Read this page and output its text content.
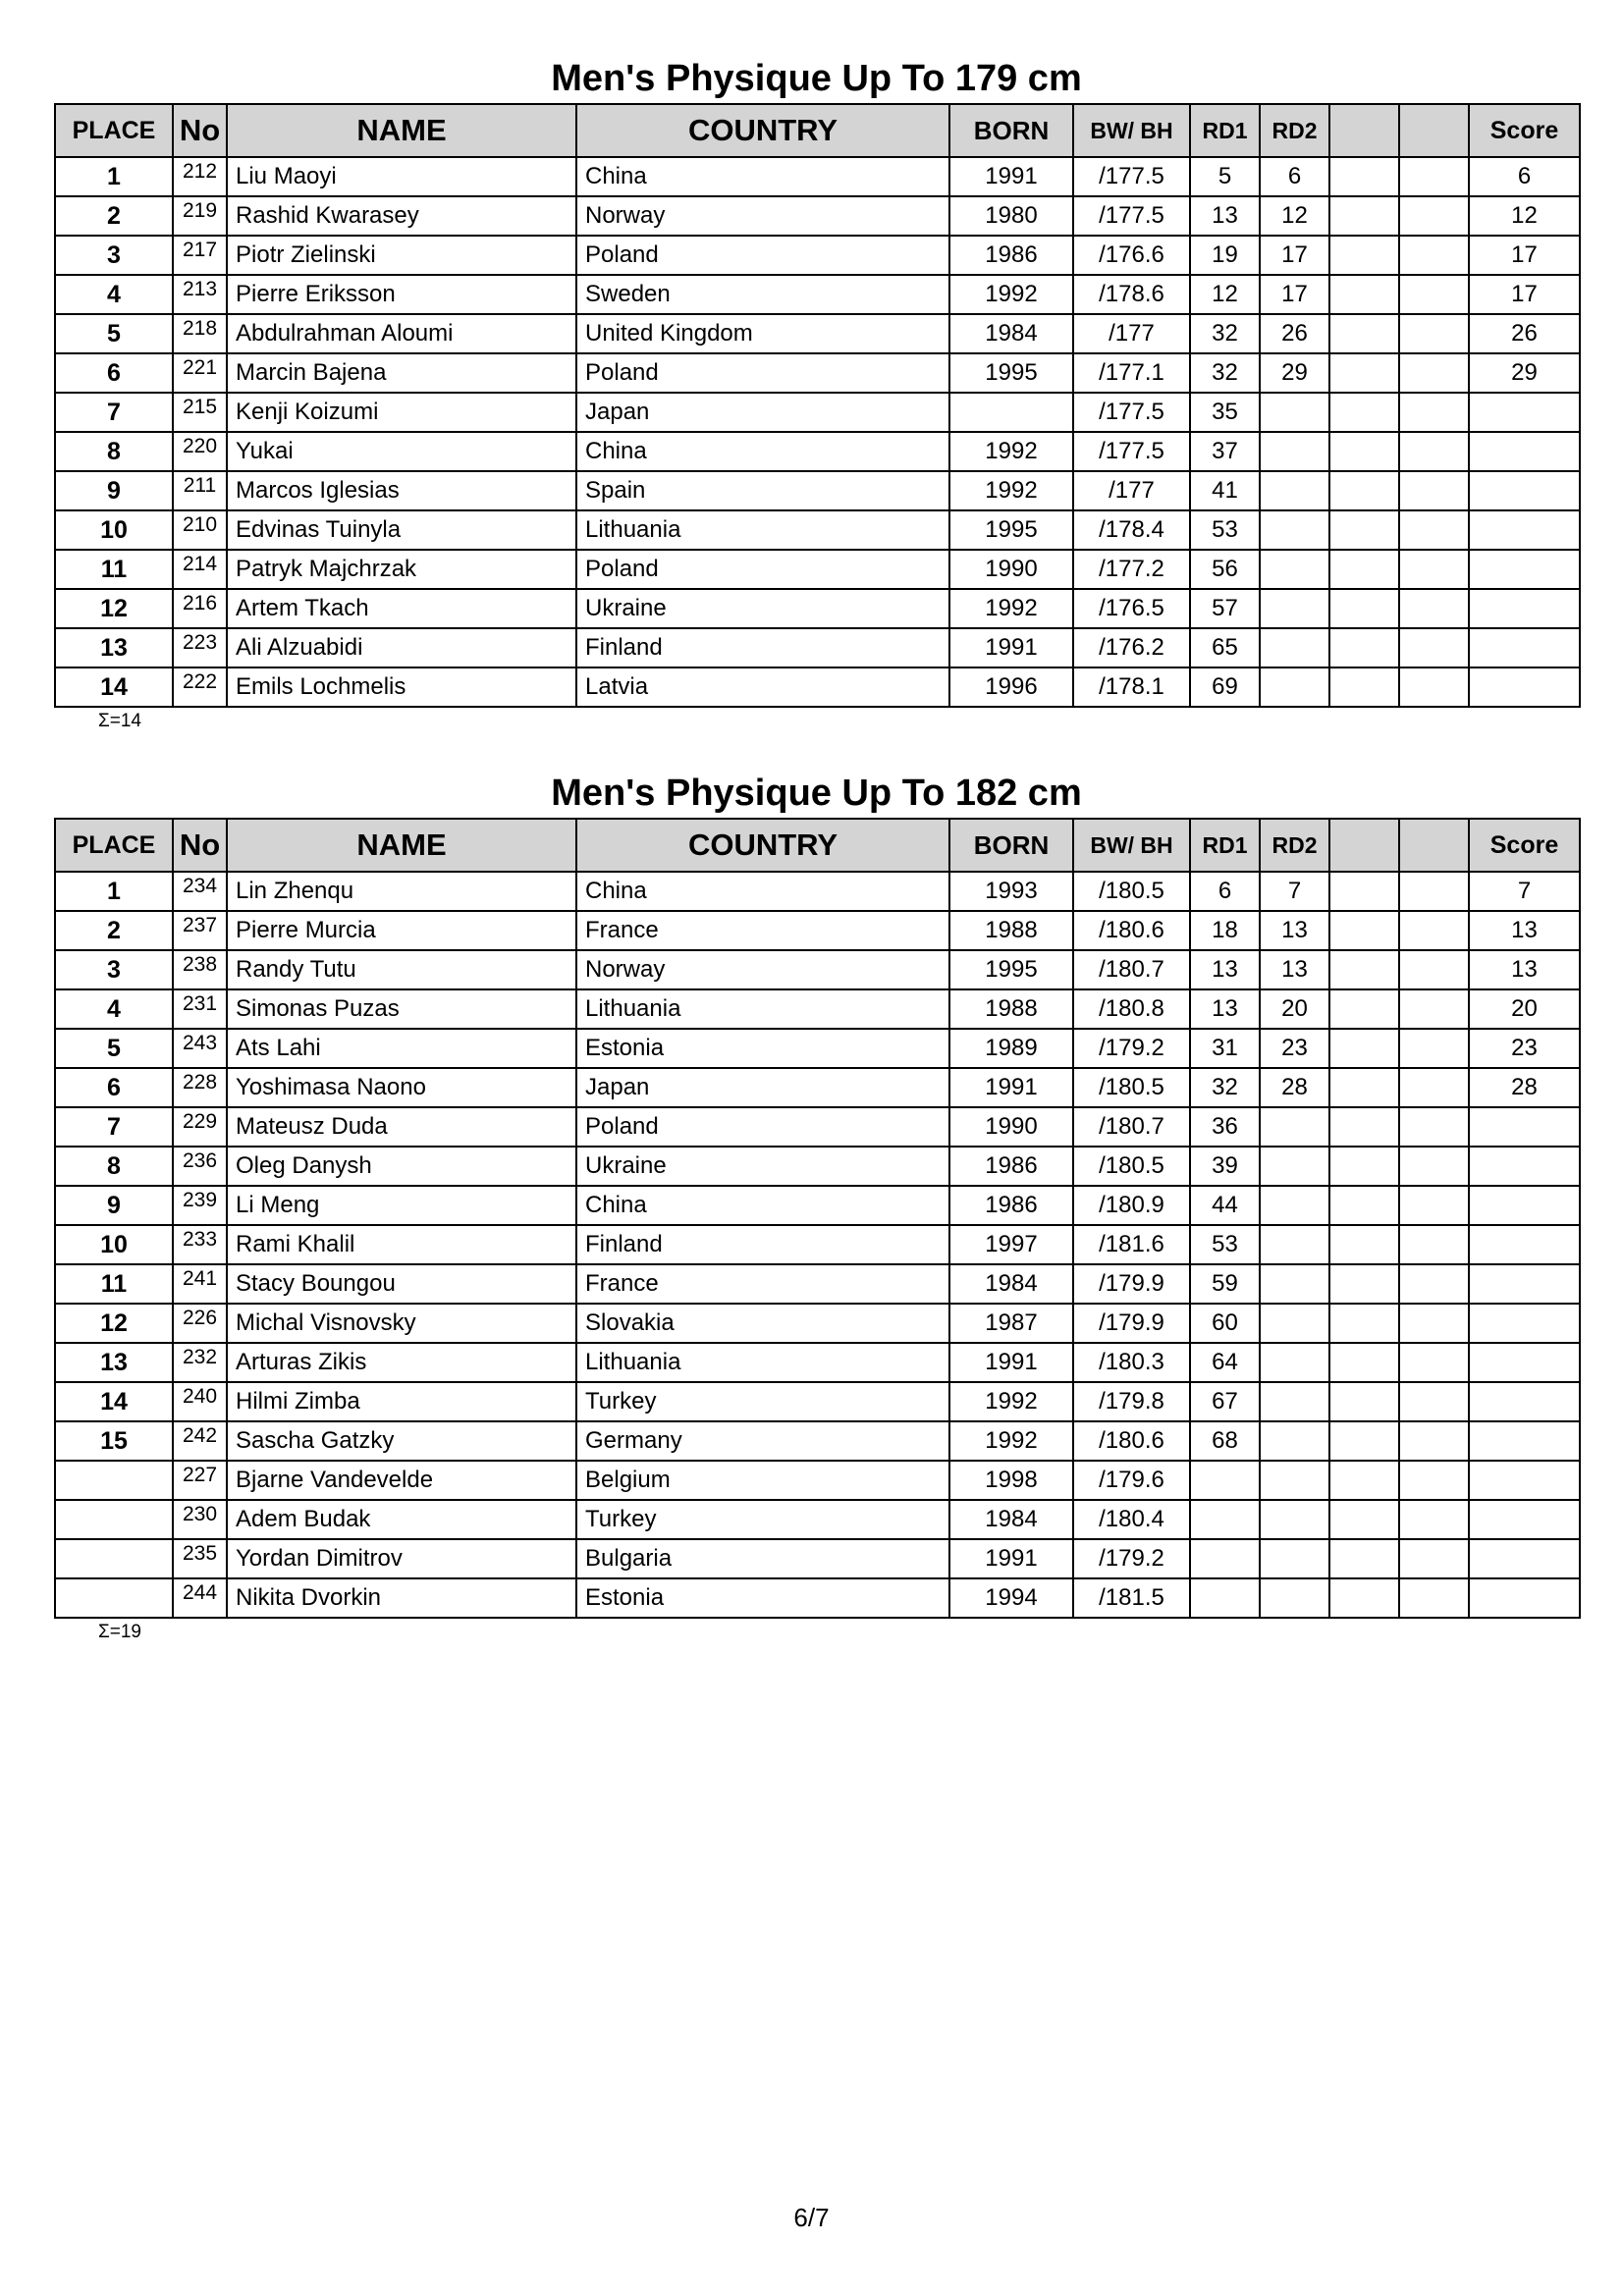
Men's Physique Up To 179 cm
PLACE	No	NAME	COUNTRY	BORN	BW/ BH	RD1	RD2			Score
1	212	Liu Maoyi	China	1991	/177.5	5	6			6
2	219	Rashid Kwarasey	Norway	1980	/177.5	13	12			12
3	217	Piotr Zielinski	Poland	1986	/176.6	19	17			17
4	213	Pierre Eriksson	Sweden	1992	/178.6	12	17			17
5	218	Abdulrahman Aloumi	United Kingdom	1984	/177	32	26			26
6	221	Marcin Bajena	Poland	1995	/177.1	32	29			29
7	215	Kenji Koizumi	Japan		/177.5	35				
8	220	Yukai	China	1992	/177.5	37				
9	211	Marcos Iglesias	Spain	1992	/177	41				
10	210	Edvinas Tuinyla	Lithuania	1995	/178.4	53				
11	214	Patryk Majchrzak	Poland	1990	/177.2	56				
12	216	Artem Tkach	Ukraine	1992	/176.5	57				
13	223	Ali Alzuabidi	Finland	1991	/176.2	65				
14	222	Emils Lochmelis	Latvia	1996	/178.1	69				
Σ=14
Men's Physique Up To 182 cm
PLACE	No	NAME	COUNTRY	BORN	BW/ BH	RD1	RD2			Score
1	234	Lin Zhenqu	China	1993	/180.5	6	7			7
2	237	Pierre Murcia	France	1988	/180.6	18	13			13
3	238	Randy Tutu	Norway	1995	/180.7	13	13			13
4	231	Simonas Puzas	Lithuania	1988	/180.8	13	20			20
5	243	Ats Lahi	Estonia	1989	/179.2	31	23			23
6	228	Yoshimasa Naono	Japan	1991	/180.5	32	28			28
7	229	Mateusz Duda	Poland	1990	/180.7	36				
8	236	Oleg Danysh	Ukraine	1986	/180.5	39				
9	239	Li Meng	China	1986	/180.9	44				
10	233	Rami Khalil	Finland	1997	/181.6	53				
11	241	Stacy Boungou	France	1984	/179.9	59				
12	226	Michal Visnovsky	Slovakia	1987	/179.9	60				
13	232	Arturas Zikis	Lithuania	1991	/180.3	64				
14	240	Hilmi Zimba	Turkey	1992	/179.8	67				
15	242	Sascha Gatzky	Germany	1992	/180.6	68				
	227	Bjarne Vandevelde	Belgium	1998	/179.6					
	230	Adem Budak	Turkey	1984	/180.4					
	235	Yordan Dimitrov	Bulgaria	1991	/179.2					
	244	Nikita Dvorkin	Estonia	1994	/181.5					
Σ=19
6/7
